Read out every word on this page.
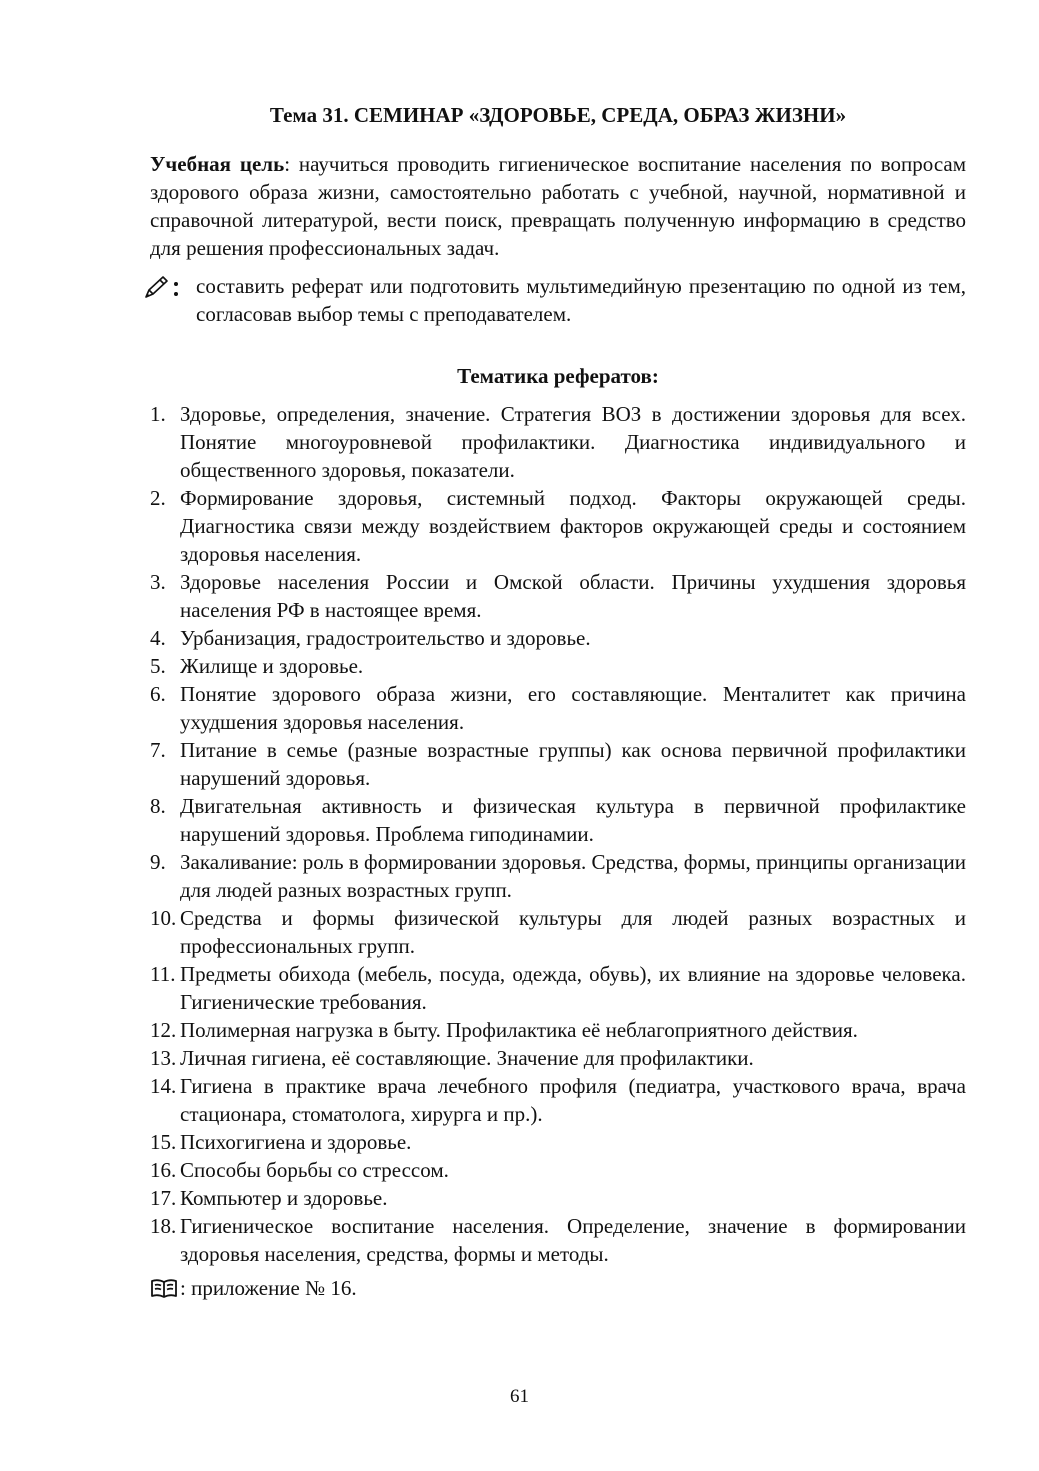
Тема 31. СЕМИНАР «ЗДОРОВЬЕ, СРЕДА, ОБРАЗ ЖИЗНИ»

Учебная цель: научиться проводить гигиеническое воспитание населения по вопросам здорового образа жизни, самостоятельно работать с учебной, научной, нормативной и справочной литературой, вести поиск, превращать полученную информацию в средство для решения профессиональных задач.

составить реферат или подготовить мультимедийную презентацию по одной из тем, согласовав выбор темы с преподавателем.
Тематика рефератов:
1. Здоровье, определения, значение. Стратегия ВОЗ в достижении здоровья для всех. Понятие многоуровневой профилактики. Диагностика индивидуального и общественного здоровья, показатели.
2. Формирование здоровья, системный подход. Факторы окружающей среды. Диагностика связи между воздействием факторов окружающей среды и состоянием здоровья населения.
3. Здоровье населения России и Омской области. Причины ухудшения здоровья населения РФ в настоящее время.
4. Урбанизация, градостроительство и здоровье.
5. Жилище и здоровье.
6. Понятие здорового образа жизни, его составляющие. Менталитет как причина ухудшения здоровья населения.
7. Питание в семье (разные возрастные группы) как основа первичной профилактики нарушений здоровья.
8. Двигательная активность и физическая культура в первичной профилактике нарушений здоровья. Проблема гиподинамии.
9. Закаливание: роль в формировании здоровья. Средства, формы, принципы организации для людей разных возрастных групп.
10. Средства и формы физической культуры для людей разных возрастных и профессиональных групп.
11. Предметы обихода (мебель, посуда, одежда, обувь), их влияние на здоровье человека. Гигиенические требования.
12. Полимерная нагрузка в быту. Профилактика её неблагоприятного действия.
13. Личная гигиена, её составляющие. Значение для профилактики.
14. Гигиена в практике врача лечебного профиля (педиатра, участкового врача, врача стационара, стоматолога, хирурга и пр.).
15. Психогигиена и здоровье.
16. Способы борьбы со стрессом.
17. Компьютер и здоровье.
18. Гигиеническое воспитание населения. Определение, значение в формировании здоровья населения, средства, формы и методы.
: приложение № 16.
61
